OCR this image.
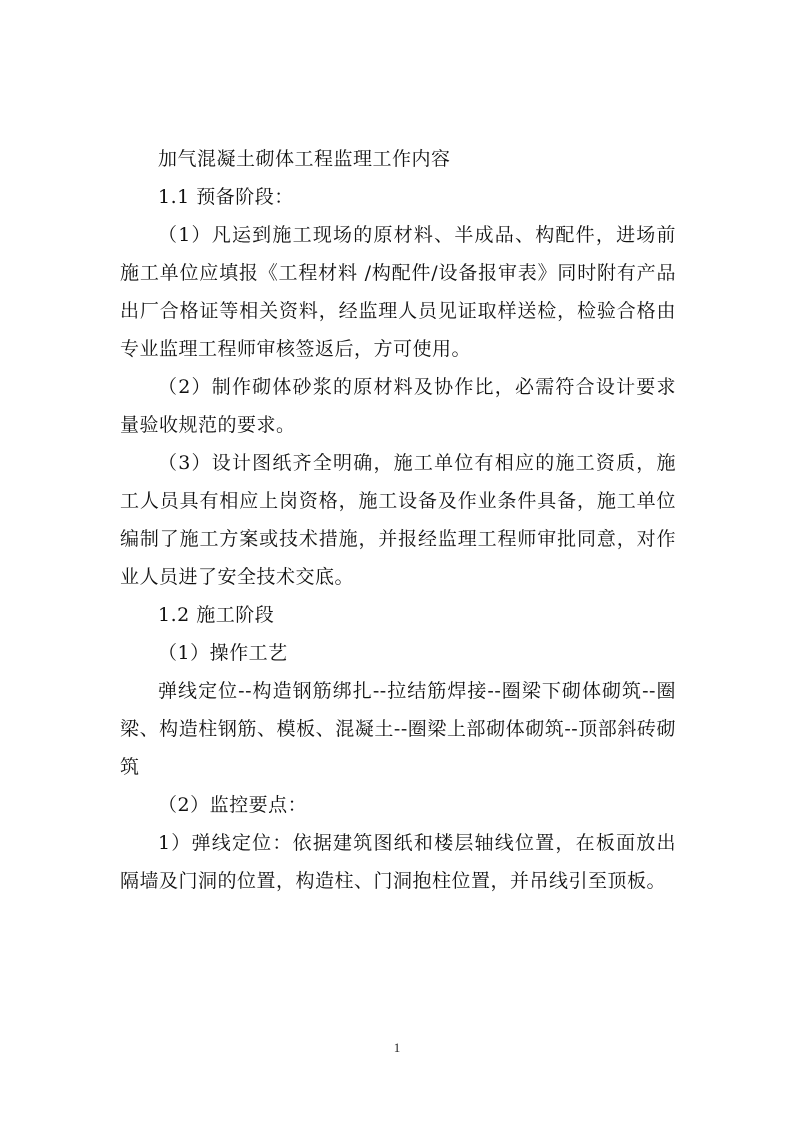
加气混凝土砌体工程监理工作内容

1.1 预备阶段：

（1）凡运到施工现场的原材料、半成品、构配件，进场前施工单位应填报《工程材料 /构配件/设备报审表》同时附有产品出厂合格证等相关资料，经监理人员见证取样送检，检验合格由专业监理工程师审核签返后，方可使用。

（2）制作砌体砂浆的原材料及协作比，必需符合设计要求量验收规范的要求。

（3）设计图纸齐全明确，施工单位有相应的施工资质，施工人员具有相应上岗资格，施工设备及作业条件具备，施工单位编制了施工方案或技术措施，并报经监理工程师审批同意，对作业人员进了安全技术交底。

1.2 施工阶段

（1）操作工艺

弹线定位--构造钢筋绑扎--拉结筋焊接--圈梁下砌体砌筑--圈梁、构造柱钢筋、模板、混凝土--圈梁上部砌体砌筑--顶部斜砖砌筑

（2）监控要点：

1）弹线定位：依据建筑图纸和楼层轴线位置，在板面放出隔墙及门洞的位置，构造柱、门洞抱柱位置，并吊线引至顶板。

1
